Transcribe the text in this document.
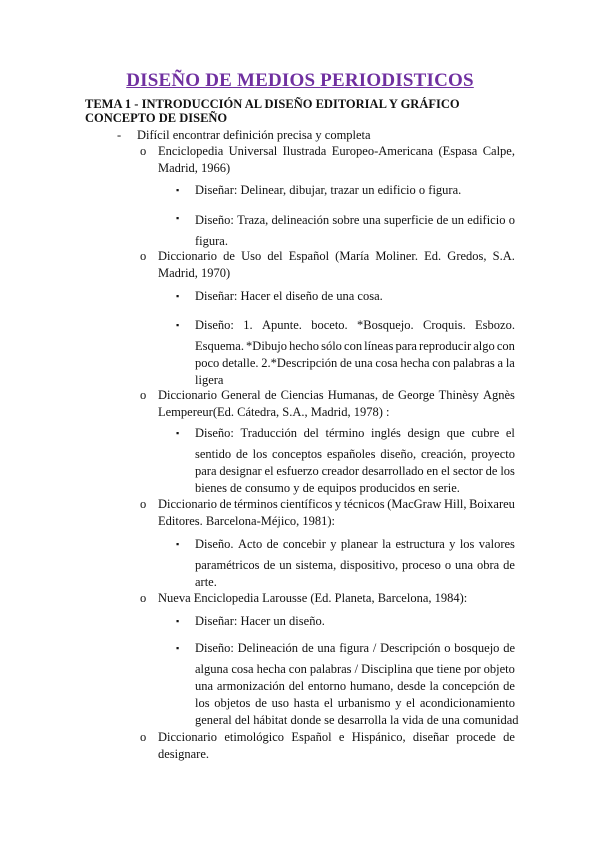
DISEÑO DE MEDIOS PERIODISTICOS
TEMA 1 - INTRODUCCIÓN AL DISEÑO EDITORIAL Y GRÁFICO
CONCEPTO DE DISEÑO
- Difícil encontrar definición precisa y completa
o Enciclopedia Universal Ilustrada Europeo-Americana (Espasa Calpe,
Madrid, 1966)
▪ Diseñar: Delinear, dibujar, trazar un edificio o figura.
▪ Diseño: Traza, delineación sobre una superficie de un edificio o
figura.
o Diccionario de Uso del Español (María Moliner. Ed. Gredos, S.A.
Madrid, 1970)
▪ Diseñar: Hacer el diseño de una cosa.
▪ Diseño: 1. Apunte. boceto. *Bosquejo. Croquis. Esbozo.
Esquema. *Dibujo hecho sólo con líneas para reproducir algo con
poco detalle. 2.*Descripción de una cosa hecha con palabras a la
ligera
o Diccionario General de Ciencias Humanas, de George Thinèsy Agnès
Lempereur(Ed. Cátedra, S.A., Madrid, 1978) :
▪ Diseño: Traducción del término inglés design que cubre el
sentido de los conceptos españoles diseño, creación, proyecto
para designar el esfuerzo creador desarrollado en el sector de los
bienes de consumo y de equipos producidos en serie.
o Diccionario de términos científicos y técnicos (MacGraw Hill, Boixareu
Editores. Barcelona-Méjico, 1981):
▪ Diseño. Acto de concebir y planear la estructura y los valores
paramétricos de un sistema, dispositivo, proceso o una obra de
arte.
o Nueva Enciclopedia Larousse (Ed. Planeta, Barcelona, 1984):
▪ Diseñar: Hacer un diseño.
▪ Diseño: Delineación de una figura / Descripción o bosquejo de
alguna cosa hecha con palabras / Disciplina que tiene por objeto
una armonización del entorno humano, desde la concepción de
los objetos de uso hasta el urbanismo y el acondicionamiento
general del hábitat donde se desarrolla la vida de una comunidad
o Diccionario etimológico Español e Hispánico, diseñar procede de
designare.
